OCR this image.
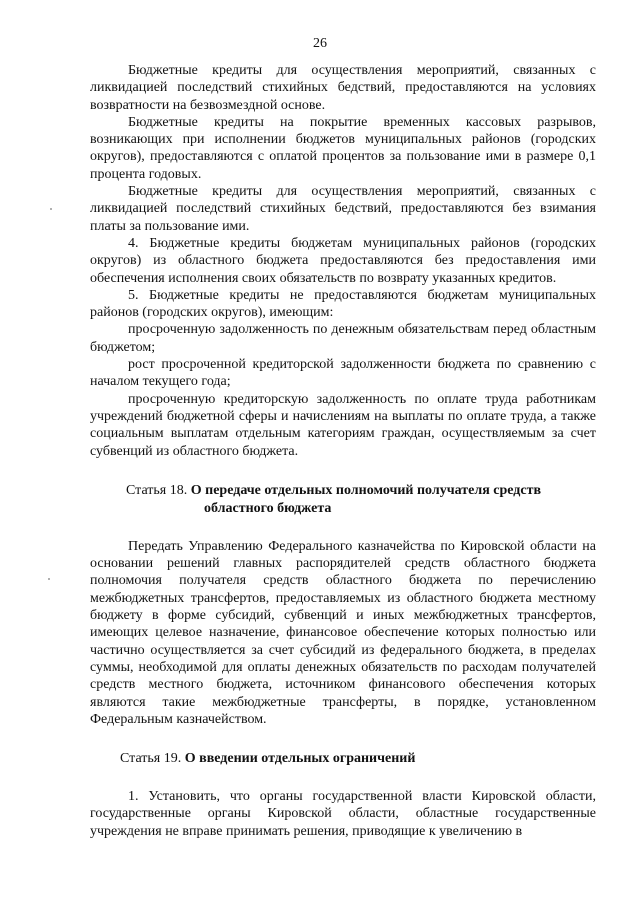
26

Бюджетные кредиты для осуществления мероприятий, связанных с ликвидацией последствий стихийных бедствий, предоставляются на условиях возвратности на безвозмездной основе.

Бюджетные кредиты на покрытие временных кассовых разрывов, возникающих при исполнении бюджетов муниципальных районов (городских округов), предоставляются с оплатой процентов за пользование ими в размере 0,1 процента годовых.

Бюджетные кредиты для осуществления мероприятий, связанных с ликвидацией последствий стихийных бедствий, предоставляются без взимания платы за пользование ими.

4. Бюджетные кредиты бюджетам муниципальных районов (городских округов) из областного бюджета предоставляются без предоставления ими обеспечения исполнения своих обязательств по возврату указанных кредитов.

5. Бюджетные кредиты не предоставляются бюджетам муниципальных районов (городских округов), имеющим:

просроченную задолженность по денежным обязательствам перед областным бюджетом;

рост просроченной кредиторской задолженности бюджета по сравнению с началом текущего года;

просроченную кредиторскую задолженность по оплате труда работникам учреждений бюджетной сферы и начислениям на выплаты по оплате труда, а также социальным выплатам отдельным категориям граждан, осуществляемым за счет субвенций из областного бюджета.

Статья 18. О передаче отдельных полномочий получателя средств
областного бюджета

Передать Управлению Федерального казначейства по Кировской области на основании решений главных распорядителей средств областного бюджета полномочия получателя средств областного бюджета по перечислению межбюджетных трансфертов, предоставляемых из областного бюджета местному бюджету в форме субсидий, субвенций и иных межбюджетных трансфертов, имеющих целевое назначение, финансовое обеспечение которых полностью или частично осуществляется за счет субсидий из федерального бюджета, в пределах суммы, необходимой для оплаты денежных обязательств по расходам получателей средств местного бюджета, источником финансового обеспечения которых являются такие межбюджетные трансферты, в порядке, установленном Федеральным казначейством.

Статья 19. О введении отдельных ограничений

1. Установить, что органы государственной власти Кировской области, государственные органы Кировской области, областные государственные учреждения не вправе принимать решения, приводящие к увеличению в
